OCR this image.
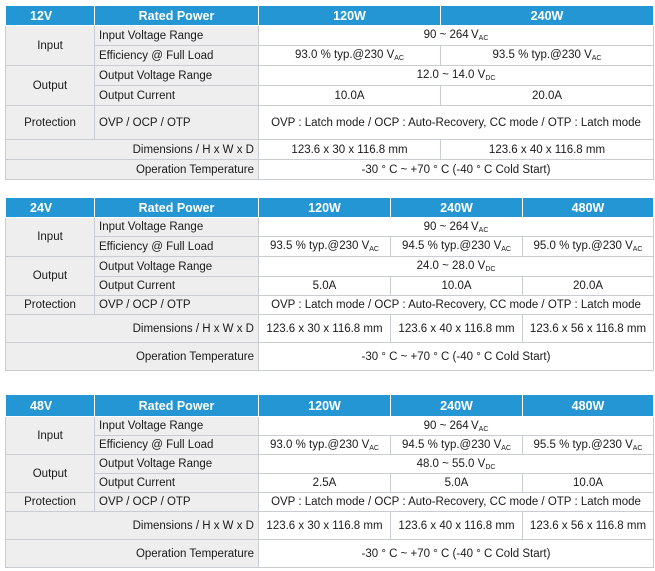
12V	Rated Power	120W	240W
Input	Input Voltage Range	90 ~ 264 $V_{AC}$
	Efficiency @ Full Load	93.0 % typ.@230 $V_{AC}$	93.5 % typ.@230 $V_{AC}$
Output	Output Voltage Range	12.0 ~ 14.0 $V_{DC}$
	Output Current	10.0A	20.0A
Protection	OVP / OCP / OTP	OVP : Latch mode / OCP : Auto-Recovery, CC mode / OTP : Latch mode	
Dimensions / H x W x D		123.6 x 30 x 116.8 mm	123.6 x 40 x 116.8 mm
Operation Temperature		-30 ° C ~ +70 ° C (-40 ° C Cold Start)	
24V	Rated Power	120W	240W	480W
Input	Input Voltage Range	90 ~ 264 $V_{AC}$
	Efficiency @ Full Load	93.5 % typ.@230 $V_{AC}$	94.5 % typ.@230 $V_{AC}$	95.0 % typ.@230 $V_{AC}$
Output	Output Voltage Range	24.0 ~ 28.0 $V_{DC}$
	Output Current	5.0A	10.0A	20.0A
Protection	OVP / OCP / OTP	OVP : Latch mode / OCP : Auto-Recovery, CC mode / OTP : Latch mode		
Dimensions / H x W x D		123.6 x 30 x 116.8 mm	123.6 x 40 x 116.8 mm	123.6 x 56 x 116.8 mm
Operation Temperature		-30 ° C ~ +70 ° C (-40 ° C Cold Start)		
48V	Rated Power	120W	240W	480W
Input	Input Voltage Range	90 ~ 264 $V_{AC}$
	Efficiency @ Full Load	93.0 % typ.@230 $V_{AC}$	94.5 % typ.@230 $V_{AC}$	95.5 % typ.@230 $V_{AC}$
Output	Output Voltage Range	48.0 ~ 55.0 $V_{DC}$
	Output Current	2.5A	5.0A	10.0A
Protection	OVP / OCP / OTP	OVP : Latch mode / OCP : Auto-Recovery, CC mode / OTP : Latch mode		
Dimensions / H x W x D		123.6 x 30 x 116.8 mm	123.6 x 40 x 116.8 mm	123.6 x 56 x 116.8 mm
Operation Temperature		-30 ° C ~ +70 ° C (-40 ° C Cold Start)		
